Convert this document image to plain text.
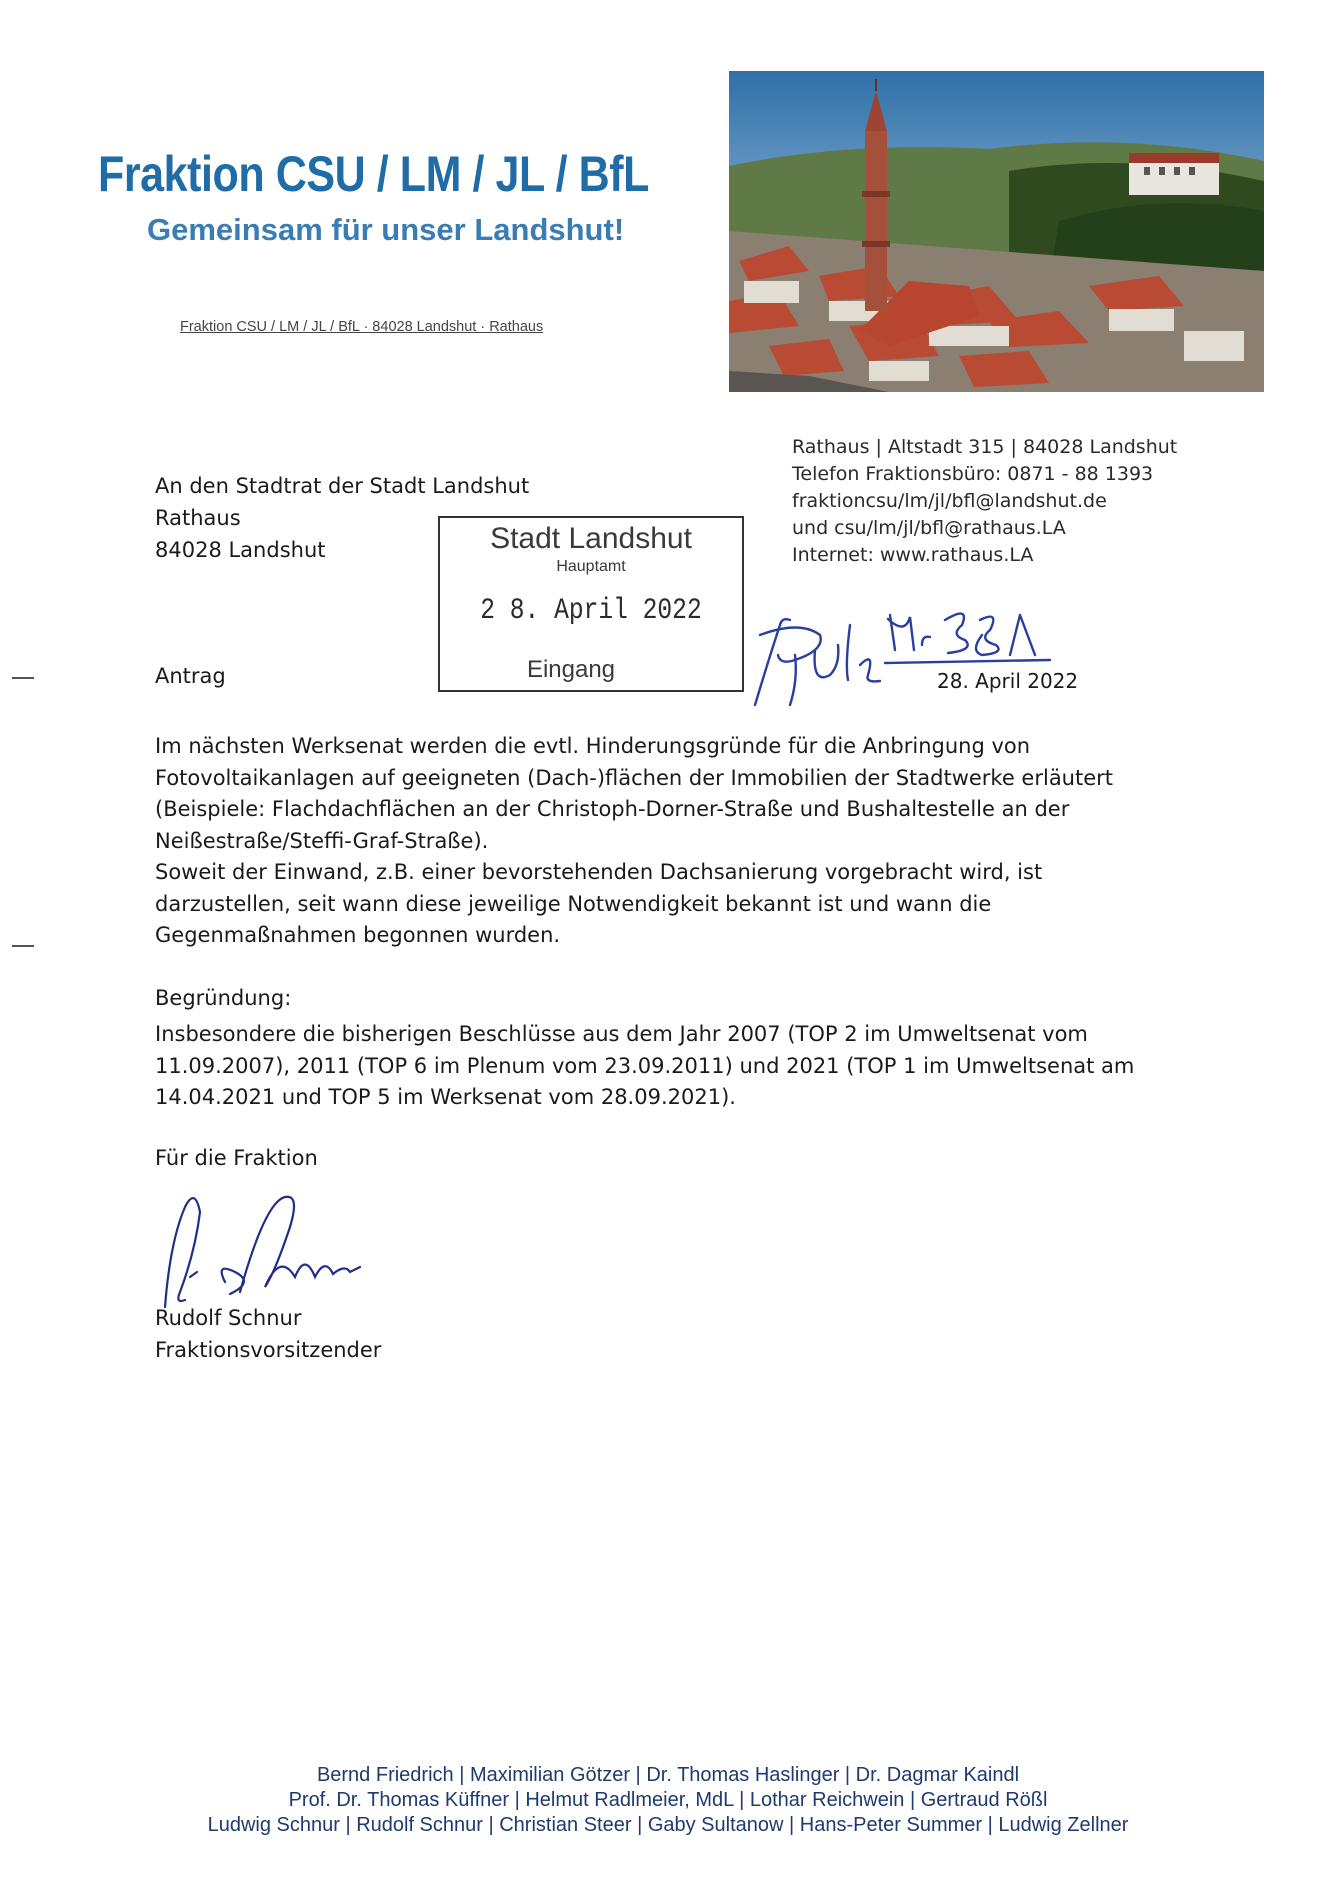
Fraktion CSU / LM / JL / BfL
Gemeinsam für unser Landshut!
Fraktion CSU / LM / JL / BfL · 84028 Landshut · Rathaus
Rathaus | Altstadt 315 | 84028 Landshut
Telefon Fraktionsbüro: 0871 - 88 1393
fraktioncsu/lm/jl/bfl@landshut.de
und csu/lm/jl/bfl@rathaus.LA
Internet: www.rathaus.LA
An den Stadtrat der Stadt Landshut
Rathaus
84028 Landshut	Stadt Landshut
Hauptamt
2 8. April 2022
Eingang
Antrag	28. April 2022
Im nächsten Werksenat werden die evtl. Hinderungsgründe für die Anbringung von
Fotovoltaikanlagen auf geeigneten (Dach-)flächen der Immobilien der Stadtwerke erläutert
(Beispiele: Flachdachflächen an der Christoph-Dorner-Straße und Bushaltestelle an der
Neißestraße/Steffi-Graf-Straße).
Soweit der Einwand, z.B. einer bevorstehenden Dachsanierung vorgebracht wird, ist
darzustellen, seit wann diese jeweilige Notwendigkeit bekannt ist und wann die
Gegenmaßnahmen begonnen wurden.
Begründung:
Insbesondere die bisherigen Beschlüsse aus dem Jahr 2007 (TOP 2 im Umweltsenat vom
11.09.2007), 2011 (TOP 6 im Plenum vom 23.09.2011) und 2021 (TOP 1 im Umweltsenat am
14.04.2021 und TOP 5 im Werksenat vom 28.09.2021).
Für die Fraktion
Rudolf Schnur
Fraktionsvorsitzender
Bernd Friedrich | Maximilian Götzer | Dr. Thomas Haslinger | Dr. Dagmar Kaindl
Prof. Dr. Thomas Küffner | Helmut Radlmeier, MdL | Lothar Reichwein | Gertraud Rößl
Ludwig Schnur | Rudolf Schnur | Christian Steer | Gaby Sultanow | Hans-Peter Summer | Ludwig Zellner
